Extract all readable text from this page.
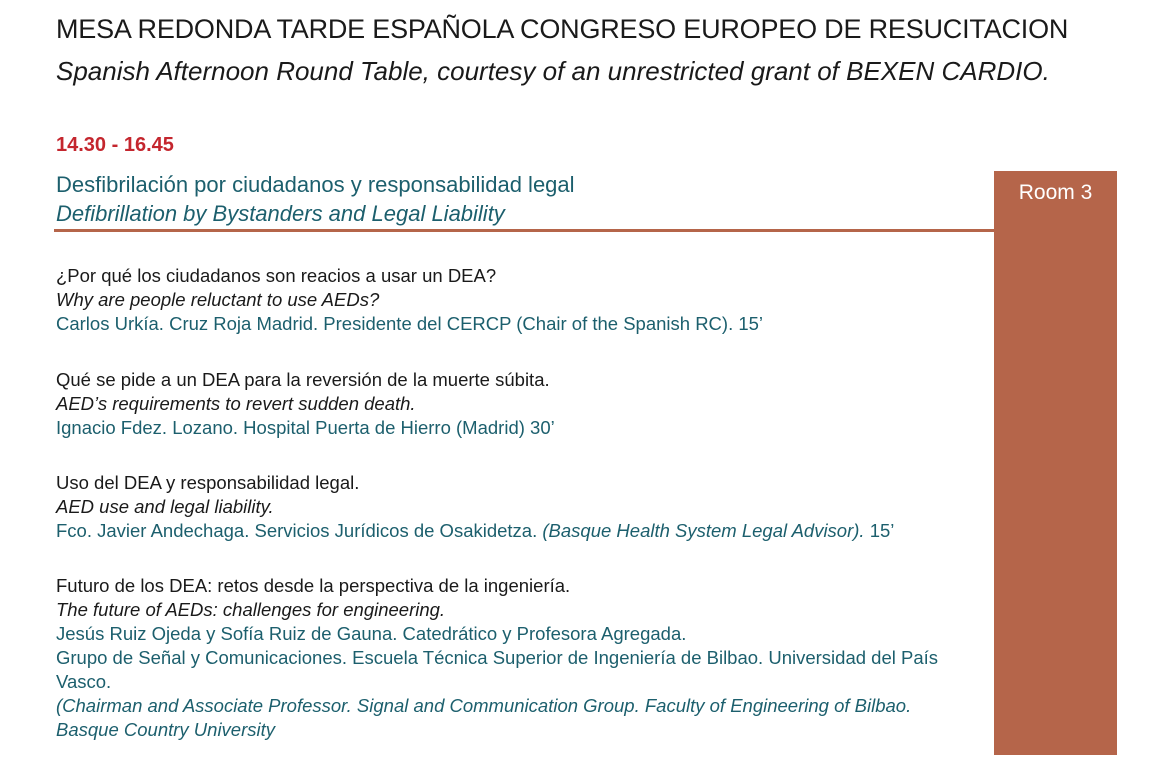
MESA REDONDA TARDE ESPAÑOLA CONGRESO EUROPEO DE RESUCITACION

Spanish Afternoon Round Table, courtesy of an unrestricted grant of BEXEN CARDIO.

14.30 - 16.45
Desfibrilación por ciudadanos y responsabilidad legal
Defibrillation by Bystanders and Legal Liability
Room 3
¿Por qué los ciudadanos son reacios a usar un DEA?
Why are people reluctant to use AEDs?
Carlos Urkía. Cruz Roja Madrid. Presidente del CERCP (Chair of the Spanish RC). 15’
Qué se pide a un DEA para la reversión de la muerte súbita.
AED’s requirements to revert sudden death.
Ignacio Fdez. Lozano. Hospital Puerta de Hierro (Madrid) 30’
Uso del DEA y responsabilidad legal.
AED use and legal liability.
Fco. Javier Andechaga. Servicios Jurídicos de Osakidetza. (Basque Health System Legal Advisor). 15’
Futuro de los DEA: retos desde la perspectiva de la ingeniería.
The future of AEDs: challenges for engineering.
Jesús Ruiz Ojeda y Sofía Ruiz de Gauna. Catedrático y Profesora Agregada.
Grupo de Señal y Comunicaciones. Escuela Técnica Superior de Ingeniería de Bilbao. Universidad del País
Vasco.
(Chairman and Associate Professor. Signal and Communication Group. Faculty of Engineering of Bilbao.
Basque Country University
